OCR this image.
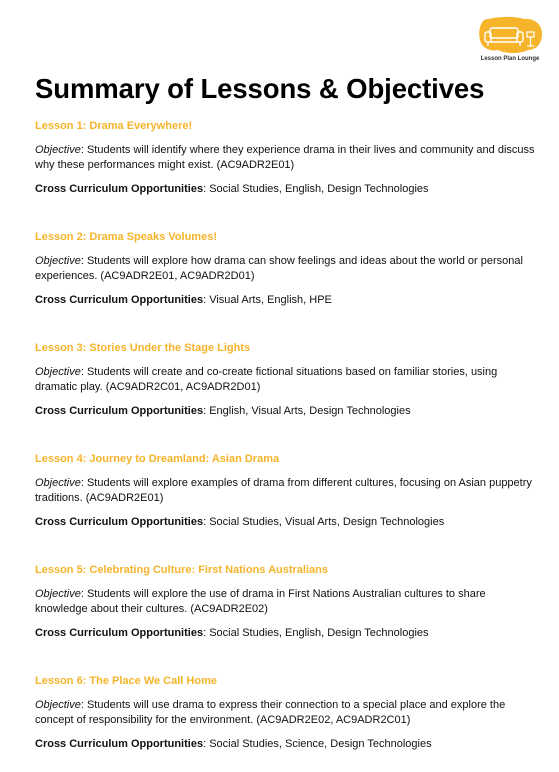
Lesson Plan Lounge
Summary of Lessons & Objectives
Lesson 1: Drama Everywhere!

Objective: Students will identify where they experience drama in their lives and community and discuss why these performances might exist. (AC9ADR2E01)

Cross Curriculum Opportunities: Social Studies, English, Design Technologies

Lesson 2: Drama Speaks Volumes!

Objective: Students will explore how drama can show feelings and ideas about the world or personal experiences. (AC9ADR2E01, AC9ADR2D01)

Cross Curriculum Opportunities: Visual Arts, English, HPE

Lesson 3: Stories Under the Stage Lights

Objective: Students will create and co-create fictional situations based on familiar stories, using dramatic play. (AC9ADR2C01, AC9ADR2D01)

Cross Curriculum Opportunities: English, Visual Arts, Design Technologies

Lesson 4: Journey to Dreamland: Asian Drama

Objective: Students will explore examples of drama from different cultures, focusing on Asian puppetry traditions. (AC9ADR2E01)

Cross Curriculum Opportunities: Social Studies, Visual Arts, Design Technologies

Lesson 5: Celebrating Culture: First Nations Australians

Objective: Students will explore the use of drama in First Nations Australian cultures to share knowledge about their cultures. (AC9ADR2E02)

Cross Curriculum Opportunities: Social Studies, English, Design Technologies

Lesson 6: The Place We Call Home

Objective: Students will use drama to express their connection to a special place and explore the concept of responsibility for the environment. (AC9ADR2E02, AC9ADR2C01)

Cross Curriculum Opportunities: Social Studies, Science, Design Technologies
